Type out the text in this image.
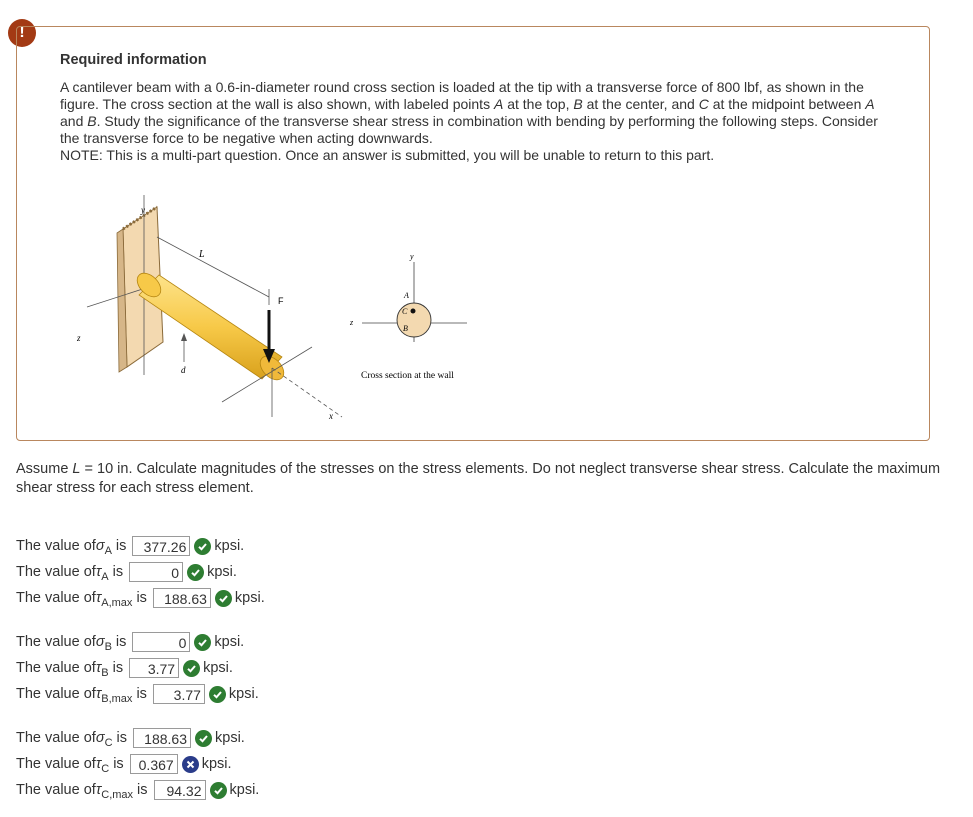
!
Required information

A cantilever beam with a 0.6-in-diameter round cross section is loaded at the tip with a transverse force of 800 lbf, as shown in the figure. The cross section at the wall is also shown, with labeled points A at the top, B at the center, and C at the midpoint between A and B. Study the significance of the transverse shear stress in combination with bending by performing the following steps. Consider the transverse force to be negative when acting downwards.

NOTE: This is a multi-part question. Once an answer is submitted, you will be unable to return to this part.

y
L
F
z
d
x
y
A
C
B
z
Cross section at the wall
Assume L = 10 in. Calculate magnitudes of the stresses on the stress elements. Do not neglect transverse shear stress. Calculate the maximum shear stress for each stress element.
The value of σ A is	377.26 kpsi.
The value of τ A is	0 kpsi.
The value of τ A,max is	188.63 kpsi.
The value of σ B is	0 kpsi.
The value of τ B is	3.77 kpsi.
The value of τ B,max is	3.77 kpsi.
The value of σ C is	188.63 kpsi.
The value of τ C is	0.367 kpsi.
The value of τ C,max is	94.32 kpsi.
